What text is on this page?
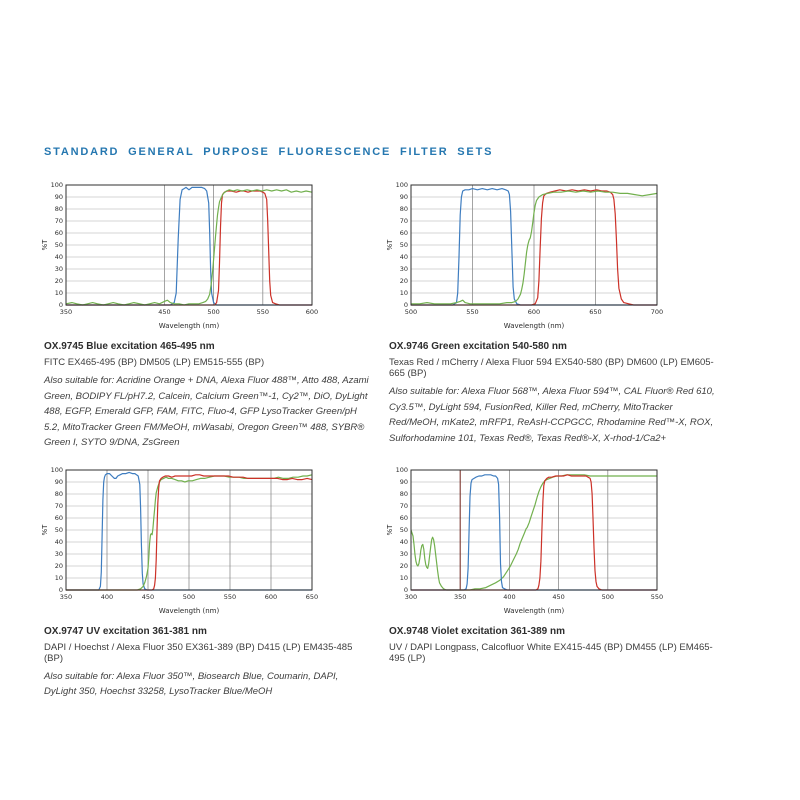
STANDARD GENERAL PURPOSE FLUORESCENCE FILTER SETS
350	450	500	550	600
0
10
20
30
40
50
60
70
80
90
100
Wavelength (nm)
%T
OX.9745 Blue excitation 465-495 nm

FITC EX465-495 (BP) DM505 (LP) EM515-555 (BP)

Also suitable for: Acridine Orange + DNA, Alexa Fluor 488™, Atto 488, Azami Green, BODIPY FL/pH7.2, Calcein, Calcium Green™-1, Cy2™, DiO, DyLight 488, EGFP, Emerald GFP, FAM, FITC, Fluo-4, GFP LysoTracker Green/pH 5.2, MitoTracker Green FM/MeOH, mWasabi, Oregon Green™ 488, SYBR® Green I, SYTO 9/DNA, ZsGreen

500	550	600	650	700
0
10
20
30
40
50
60
70
80
90
100
Wavelength (nm)
%T
OX.9746 Green excitation 540-580 nm

Texas Red / mCherry / Alexa Fluor 594 EX540-580 (BP) DM600 (LP) EM605-665 (BP)

Also suitable for: Alexa Fluor 568™, Alexa Fluor 594™, CAL Fluor® Red 610, Cy3.5™, DyLight 594, FusionRed, Killer Red, mCherry, MitoTracker Red/MeOH, mKate2, mRFP1, ReAsH-CCPGCC, Rhodamine Red™-X, ROX, Sulforhodamine 101, Texas Red®, Texas Red®-X, X-rhod-1/Ca2+

350	400	450	500	550	600	650
0
10
20
30
40
50
60
70
80
90
100
Wavelength (nm)
%T
OX.9747 UV excitation 361-381 nm

DAPI / Hoechst / Alexa Fluor 350 EX361-389 (BP) D415 (LP) EM435-485 (BP)

Also suitable for: Alexa Fluor 350™, Biosearch Blue, Coumarin, DAPI, DyLight 350, Hoechst 33258, LysoTracker Blue/MeOH

300	350	400	450	500	550
0
10
20
30
40
50
60
70
80
90
100
Wavelength (nm)
%T
OX.9748 Violet excitation 361-389 nm

UV / DAPI Longpass, Calcofluor White EX415-445 (BP) DM455 (LP) EM465-495 (LP)
